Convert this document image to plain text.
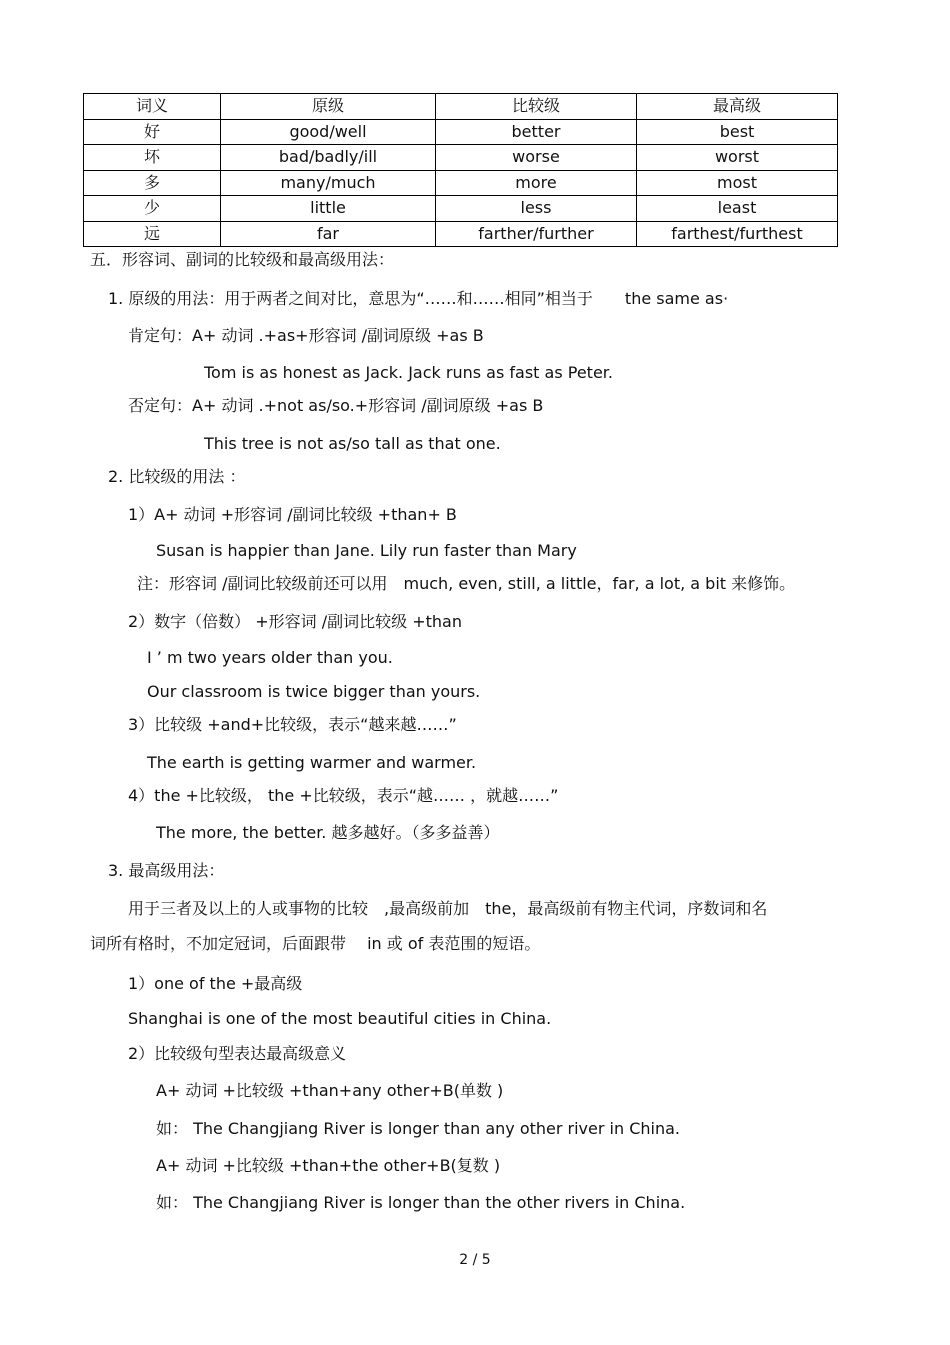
词义	原级	比较级	最高级
好	good/well	better	best
坏	bad/badly/ill	worse	worst
多	many/much	more	most
少	little	less	least
远	far	farther/further	farthest/furthest
五．形容词、副词的比较级和最高级用法：
1. 原级的用法：用于两者之间对比，意思为“……和……相同”相当于　　the same as·
肯定句：A+ 动词 .+as+形容词 /副词原级 +as B
Tom is as honest as Jack. Jack runs as fast as Peter.
否定句：A+ 动词 .+not as/so.+形容词 /副词原级 +as B
This tree is not as/so tall as that one.
2. 比较级的用法 ：
1）A+ 动词 +形容词 /副词比较级 +than+ B
Susan is happier than Jane. Lily run faster than Mary
注：形容词 /副词比较级前还可以用　much, even, still, a little，far, a lot, a bit 来修饰。
2）数字（倍数） +形容词 /副词比较级 +than
I ’ m two years older than you.
Our classroom is twice bigger than yours.
3）比较级 +and+比较级，表示“越来越……”
The earth is getting warmer and warmer.
4）the +比较级， the +比较级，表示“越…… ，就越……”
The more, the better. 越多越好。（多多益善）
3. 最高级用法：
用于三者及以上的人或事物的比较　,最高级前加　the，最高级前有物主代词，序数词和名
词所有格时，不加定冠词，后面跟带　 in 或 of 表范围的短语。
1）one of the +最高级
Shanghai is one of the most beautiful cities in China.
2）比较级句型表达最高级意义
A+ 动词 +比较级 +than+any other+B(单数 )
如： The Changjiang River is longer than any other river in China.
A+ 动词 +比较级 +than+the other+B(复数 )
如： The Changjiang River is longer than the other rivers in China.
2 / 5
